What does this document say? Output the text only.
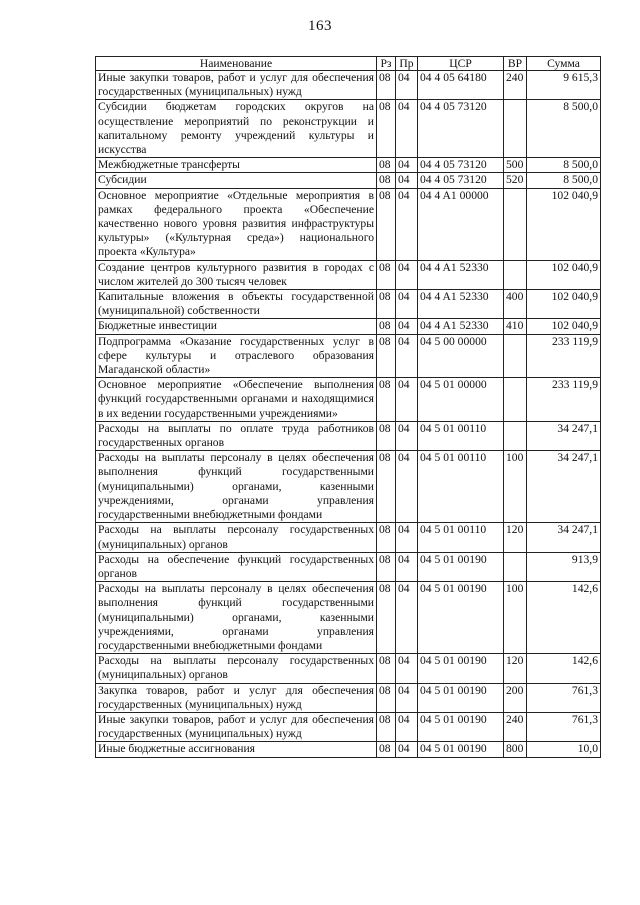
163
Наименование	Рз	Пр	ЦСР	ВР	Сумма
Иные закупки товаров, работ и услуг для обеспечения государственных (муниципальных) нужд	08	04	04 4 05 64180	240	9 615,3
Субсидии бюджетам городских округов на осуществление мероприятий по реконструкции и капитальному ремонту учреждений культуры и искусства	08	04	04 4 05 73120		8 500,0
Межбюджетные трансферты	08	04	04 4 05 73120	500	8 500,0
Субсидии	08	04	04 4 05 73120	520	8 500,0
Основное мероприятие «Отдельные мероприятия в рамках федерального проекта «Обеспечение качественно нового уровня развития инфраструктуры культуры» («Культурная среда») национального проекта «Культура»	08	04	04 4 A1 00000		102 040,9
Создание центров культурного развития в городах с числом жителей до 300 тысяч человек	08	04	04 4 A1 52330		102 040,9
Капитальные вложения в объекты государственной (муниципальной) собственности	08	04	04 4 A1 52330	400	102 040,9
Бюджетные инвестиции	08	04	04 4 A1 52330	410	102 040,9
Подпрограмма «Оказание государственных услуг в сфере культуры и отраслевого образования Магаданской области»	08	04	04 5 00 00000		233 119,9
Основное мероприятие «Обеспечение выполнения функций государственными органами и находящимися в их ведении государственными учреждениями»	08	04	04 5 01 00000		233 119,9
Расходы на выплаты по оплате труда работников государственных органов	08	04	04 5 01 00110		34 247,1
Расходы на выплаты персоналу в целях обеспечения выполнения функций государственными (муниципальными) органами, казенными учреждениями, органами управления государственными внебюджетными фондами	08	04	04 5 01 00110	100	34 247,1
Расходы на выплаты персоналу государственных (муниципальных) органов	08	04	04 5 01 00110	120	34 247,1
Расходы на обеспечение функций государственных органов	08	04	04 5 01 00190		913,9
Расходы на выплаты персоналу в целях обеспечения выполнения функций государственными (муниципальными) органами, казенными учреждениями, органами управления государственными внебюджетными фондами	08	04	04 5 01 00190	100	142,6
Расходы на выплаты персоналу государственных (муниципальных) органов	08	04	04 5 01 00190	120	142,6
Закупка товаров, работ и услуг для обеспечения государственных (муниципальных) нужд	08	04	04 5 01 00190	200	761,3
Иные закупки товаров, работ и услуг для обеспечения государственных (муниципальных) нужд	08	04	04 5 01 00190	240	761,3
Иные бюджетные ассигнования	08	04	04 5 01 00190	800	10,0
